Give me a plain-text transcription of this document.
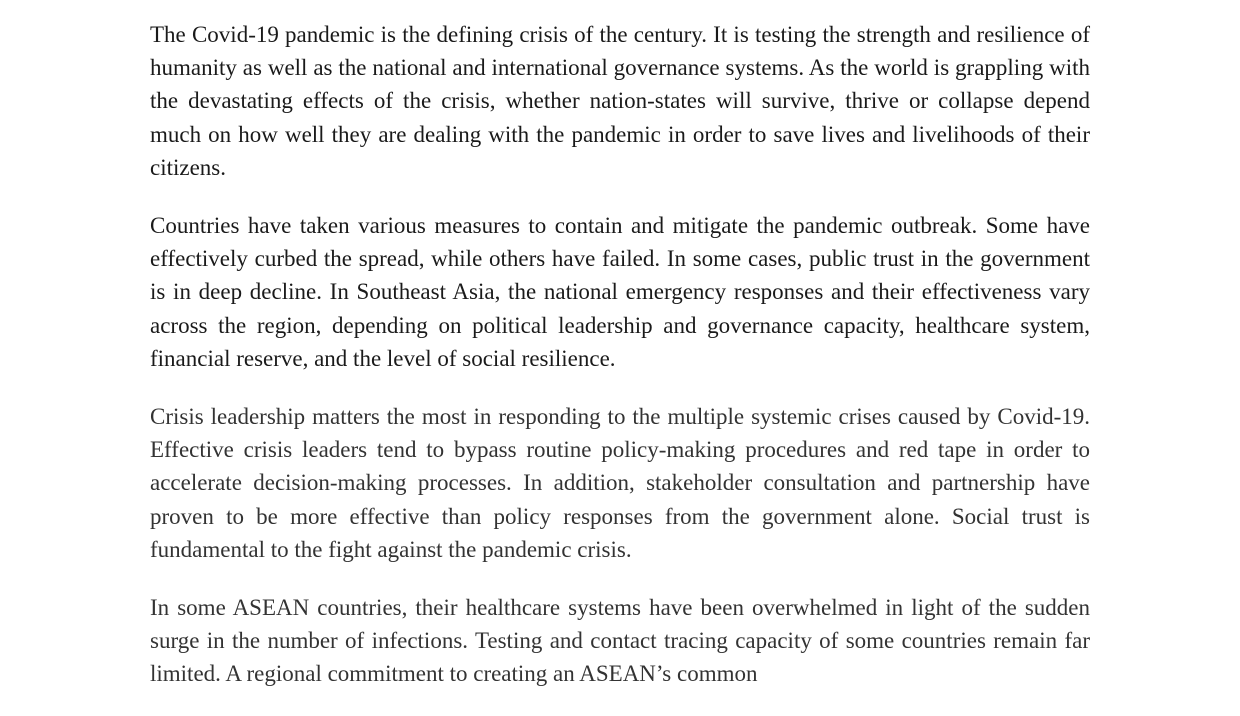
The Covid-19 pandemic is the defining crisis of the century. It is testing the strength and resilience of humanity as well as the national and international governance systems. As the world is grappling with the devastating effects of the crisis, whether nation-states will survive, thrive or collapse depend much on how well they are dealing with the pandemic in order to save lives and livelihoods of their citizens.

Countries have taken various measures to contain and mitigate the pandemic outbreak. Some have effectively curbed the spread, while others have failed. In some cases, public trust in the government is in deep decline. In Southeast Asia, the national emergency responses and their effectiveness vary across the region, depending on political leadership and governance capacity, healthcare system, financial reserve, and the level of social resilience.

Crisis leadership matters the most in responding to the multiple systemic crises caused by Covid-19. Effective crisis leaders tend to bypass routine policy-making procedures and red tape in order to accelerate decision-making processes. In addition, stakeholder consultation and partnership have proven to be more effective than policy responses from the government alone. Social trust is fundamental to the fight against the pandemic crisis.

In some ASEAN countries, their healthcare systems have been overwhelmed in light of the sudden surge in the number of infections. Testing and contact tracing capacity of some countries remain far limited. A regional commitment to creating an ASEAN’s common
